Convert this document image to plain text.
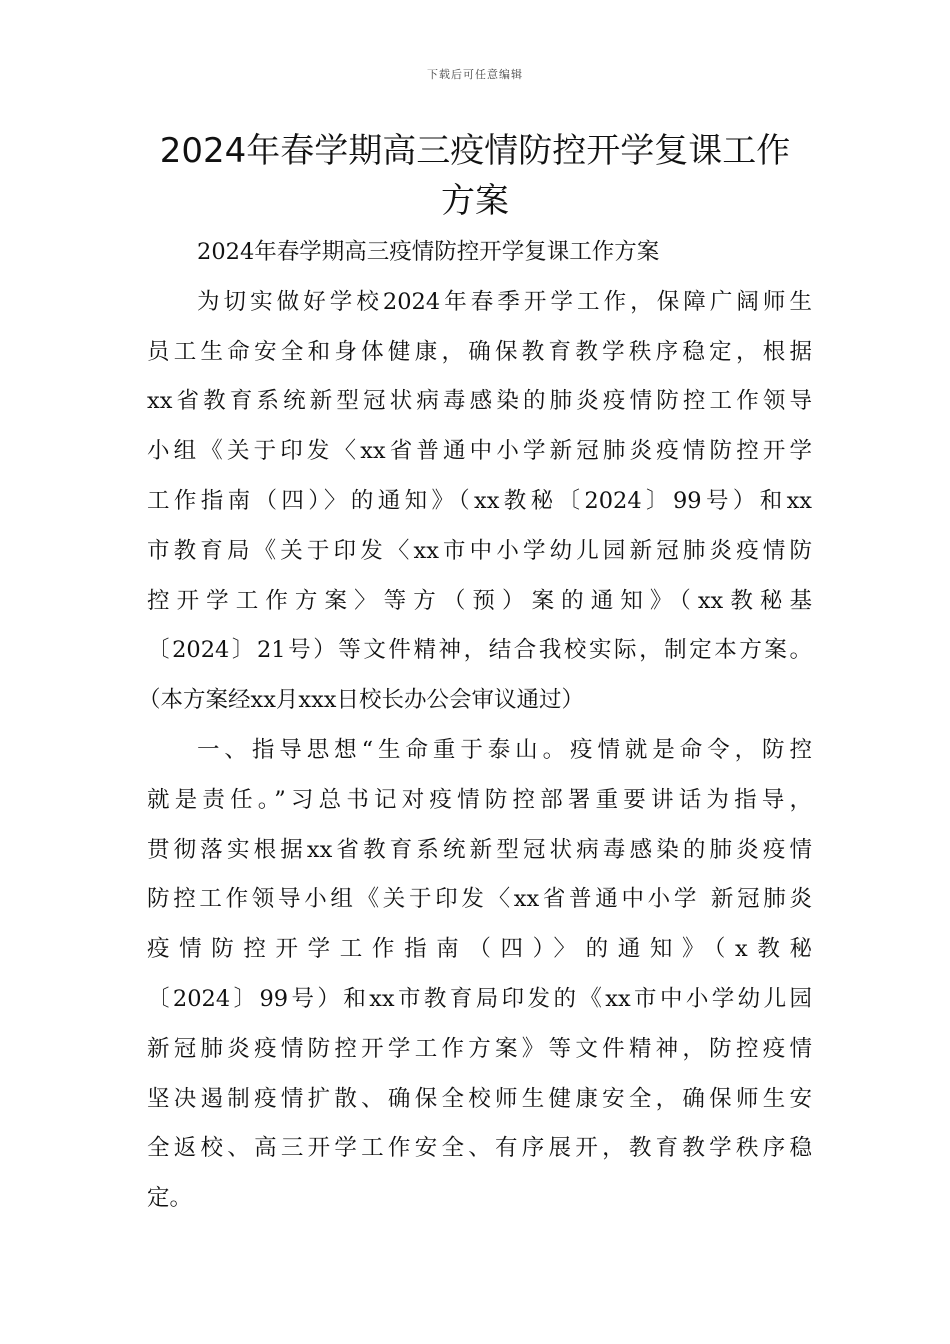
下载后可任意编辑
2024年春学期高三疫情防控开学复课工作
方案
2024年春学期高三疫情防控开学复课工作方案
为切实做好学校2024年春季开学工作，保障广阔师生
员工生命安全和身体健康，确保教育教学秩序稳定，根据
xx省教育系统新型冠状病毒感染的肺炎疫情防控工作领导
小组《关于印发〈xx省普通中小学新冠肺炎疫情防控开学
工作指南（四）〉的通知》（xx教秘〔2024〕99号）和xx
市教育局《关于印发〈xx市中小学幼儿园新冠肺炎疫情防
控开学工作方案〉等方（预）案的通知》（xx教秘基
〔2024〕21号）等文件精神，结合我校实际，制定本方案。
（本方案经xx月xxx日校长办公会审议通过）
一、指导思想“生命重于泰山。疫情就是命令，防控
就是责任。”习总书记对疫情防控部署重要讲话为指导，
贯彻落实根据xx省教育系统新型冠状病毒感染的肺炎疫情
防控工作领导小组《关于印发〈xx省普通中小学 新冠肺炎
疫情防控开学工作指南（四）〉的通知》（x教秘
〔2024〕99号）和xx市教育局印发的《xx市中小学幼儿园
新冠肺炎疫情防控开学工作方案》等文件精神，防控疫情
坚决遏制疫情扩散、确保全校师生健康安全，确保师生安
全返校、高三开学工作安全、有序展开，教育教学秩序稳
定。
